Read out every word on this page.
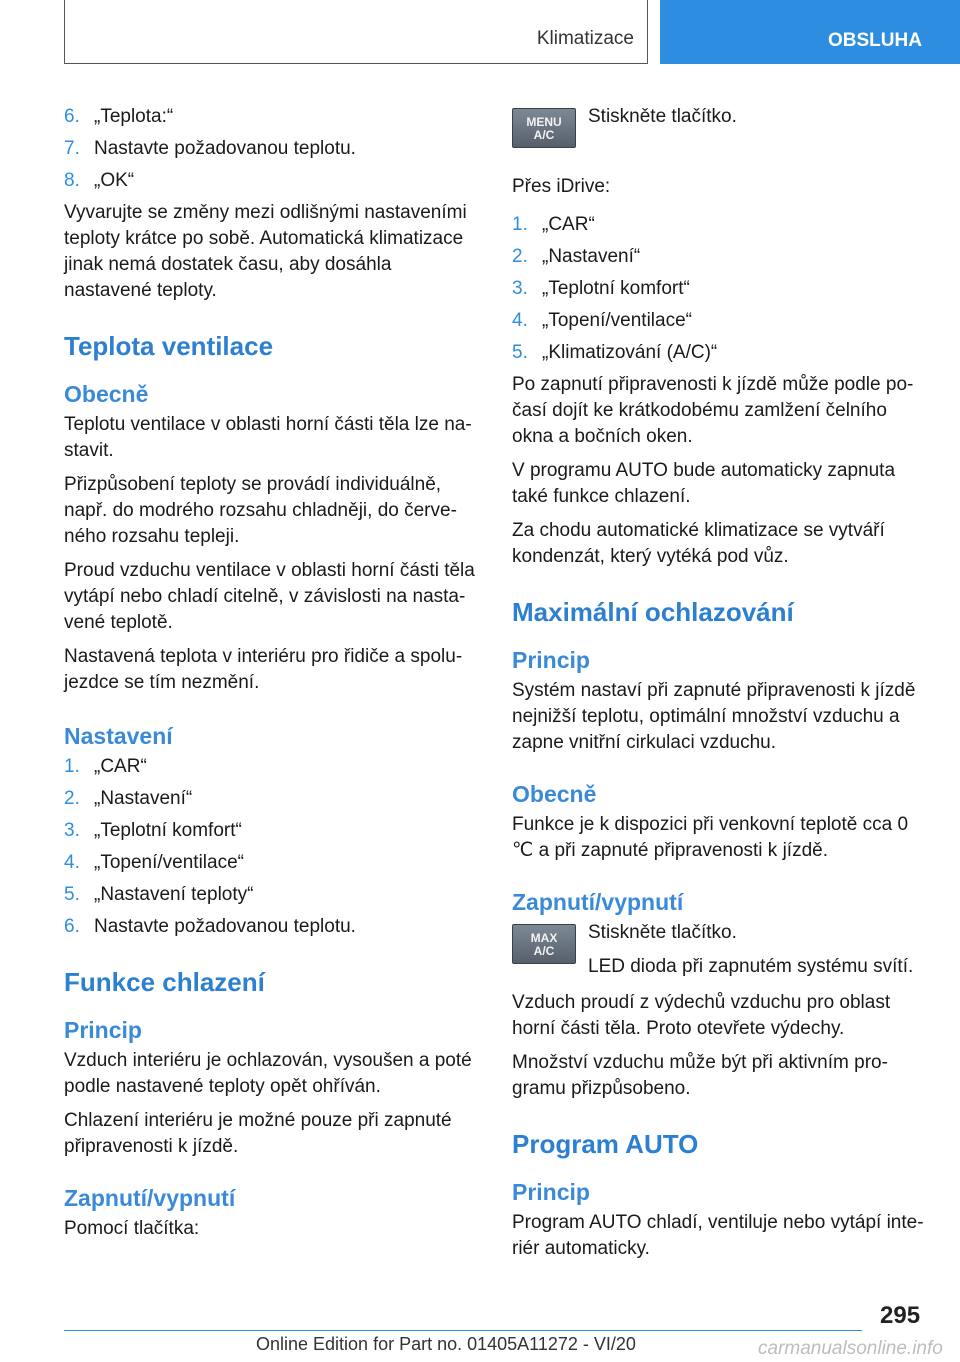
Klimatizace	OBSLUHA
6. „Teplota:“
7. Nastavte požadovanou teplotu.
8. „OK“

Vyvarujte se změny mezi odlišnými nastaveními teploty krátce po sobě. Automatická klimatizace jinak nemá dostatek času, aby dosáhla nastavené teploty.

Teplota ventilace
Obecně

Teplotu ventilace v oblasti horní části těla lze nastavit.

Přizpůsobení teploty se provádí individuálně, např. do modrého rozsahu chladněji, do červeného rozsahu tepleji.

Proud vzduchu ventilace v oblasti horní části těla vytápí nebo chladí citelně, v závislosti na nastavené teplotě.

Nastavená teplota v interiéru pro řidiče a spolujezdce se tím nezmění.

Nastavení
1. „CAR“
2. „Nastavení“
3. „Teplotní komfort“
4. „Topení/ventilace“
5. „Nastavení teploty“
6. Nastavte požadovanou teplotu.
Funkce chlazení
Princip

Vzduch interiéru je ochlazován, vysoušen a poté podle nastavené teploty opět ohříván.

Chlazení interiéru je možné pouze při zapnuté připravenosti k jízdě.

Zapnutí/vypnutí

Pomocí tlačítka:

MENU
A/C

Stiskněte tlačítko.

Přes iDrive:

1. „CAR“
2. „Nastavení“
3. „Teplotní komfort“
4. „Topení/ventilace“
5. „Klimatizování (A/C)“

Po zapnutí připravenosti k jízdě může podle počasí dojít ke krátkodobému zamlžení čelního okna a bočních oken.

V programu AUTO bude automaticky zapnuta také funkce chlazení.

Za chodu automatické klimatizace se vytváří kondenzát, který vytéká pod vůz.

Maximální ochlazování
Princip

Systém nastaví při zapnuté připravenosti k jízdě nejnižší teplotu, optimální množství vzduchu a zapne vnitřní cirkulaci vzduchu.

Obecně

Funkce je k dispozici při venkovní teplotě cca 0 ℃ a při zapnuté připravenosti k jízdě.

Zapnutí/vypnutí
MAX
A/C

Stiskněte tlačítko.

LED dioda při zapnutém systému svítí.

Vzduch proudí z výdechů vzduchu pro oblast horní části těla. Proto otevřete výdechy.

Množství vzduchu může být při aktivním programu přizpůsobeno.

Program AUTO
Princip

Program AUTO chladí, ventiluje nebo vytápí interiér automaticky.

295
Online Edition for Part no. 01405A11272 - VI/20	carmanualsonline.info
